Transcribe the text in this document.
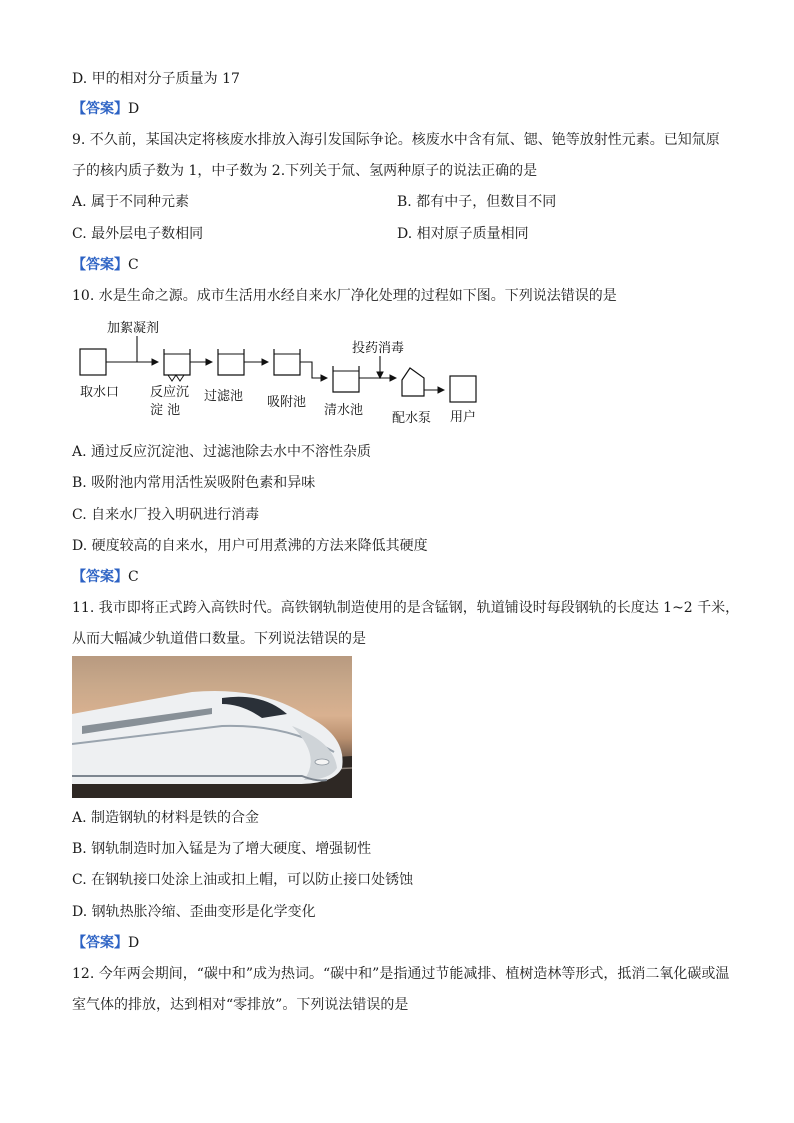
D. 甲的相对分子质量为 17
【答案】D
9. 不久前，某国决定将核废水排放入海引发国际争论。核废水中含有氚、锶、铯等放射性元素。已知氚原
子的核内质子数为 1，中子数为 2.下列关于氚、氢两种原子的说法正确的是
A. 属于不同种元素	B. 都有中子，但数目不同
C. 最外层电子数相同	D. 相对原子质量相同
【答案】C
10. 水是生命之源。成市生活用水经自来水厂净化处理的过程如下图。下列说法错误的是
取水口
加絮凝剂
反应沉
淀 池
过滤池 吸附池
清水池
投药消毒
配水泵 用户
A. 通过反应沉淀池、过滤池除去水中不溶性杂质
B. 吸附池内常用活性炭吸附色素和异味
C. 自来水厂投入明矾进行消毒
D. 硬度较高的自来水，用户可用煮沸的方法来降低其硬度
【答案】C
11. 我市即将正式跨入高铁时代。高铁钢轨制造使用的是含锰钢，轨道铺设时每段钢轨的长度达 1~2 千米，
从而大幅减少轨道借口数量。下列说法错误的是
A. 制造钢轨的材料是铁的合金
B. 钢轨制造时加入锰是为了增大硬度、增强韧性
C. 在钢轨接口处涂上油或扣上帽，可以防止接口处锈蚀
D. 钢轨热胀冷缩、歪曲变形是化学变化
【答案】D
12. 今年两会期间，“碳中和”成为热词。“碳中和”是指通过节能减排、植树造林等形式，抵消二氧化碳或温
室气体的排放，达到相对“零排放”。下列说法错误的是
